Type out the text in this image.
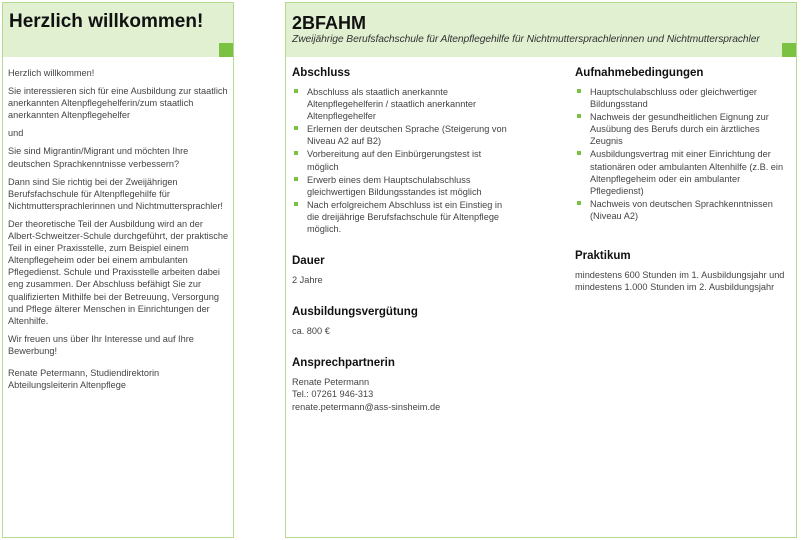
Herzlich willkommen!

Herzlich willkommen!

Sie interessieren sich für eine Ausbildung zur staatlich anerkannten Altenpflegehelferin/zum staatlich anerkannten Altenpflegehelfer

und

Sie sind Migrantin/Migrant und möchten Ihre deutschen Sprachkenntnisse verbessern?

Dann sind Sie richtig bei der Zweijährigen Berufsfachschule für Altenpflegehilfe für Nichtmuttersprachlerinnen und Nichtmuttersprachler!

Der theoretische Teil der Ausbildung wird an der Albert-Schweitzer-Schule durchgeführt, der praktische Teil in einer Praxisstelle, zum Beispiel einem Altenpflegeheim oder bei einem ambulanten Pflegedienst. Schule und Praxisstelle arbeiten dabei eng zusammen. Der Abschluss befähigt Sie zur qualifizierten Mithilfe bei der Betreuung, Versorgung und Pflege älterer Menschen in Einrichtungen der Altenhilfe.

Wir freuen uns über Ihr Interesse und auf Ihre Bewerbung!

Renate Petermann, Studiendirektorin

Abteilungsleiterin Altenpflege

2BFAHM
Zweijährige Berufsfachschule für Altenpflegehilfe für Nichtmuttersprachlerinnen und Nichtmuttersprachler
Abschluss
Abschluss als staatlich anerkannte Altenpflegehelferin / staatlich anerkannter Altenpflegehelfer
Erlernen der deutschen Sprache (Steigerung von Niveau A2 auf B2)
Vorbereitung auf den Einbürgerungstest ist möglich
Erwerb eines dem Hauptschulabschluss gleichwertigen Bildungsstandes ist möglich
Nach erfolgreichem Abschluss ist ein Einstieg in die dreijährige Berufsfachschule für Altenpflege möglich.
Dauer
2 Jahre
Ausbildungsvergütung
ca. 800 €
Ansprechpartnerin
Renate Petermann
Tel.: 07261 946-313
renate.petermann@ass-sinsheim.de
Aufnahmebedingungen
Hauptschulabschluss oder gleichwertiger Bildungsstand
Nachweis der gesundheitlichen Eignung zur Ausübung des Berufs durch ein ärztliches Zeugnis
Ausbildungsvertrag mit einer Einrichtung der stationären oder ambulanten Altenhilfe (z.B. ein Altenpflegeheim oder ein ambulanter Pflegedienst)
Nachweis von deutschen Sprachkenntnissen (Niveau A2)
Praktikum
mindestens 600 Stunden im 1. Ausbildungsjahr und mindestens 1.000 Stunden im 2. Ausbildungsjahr
